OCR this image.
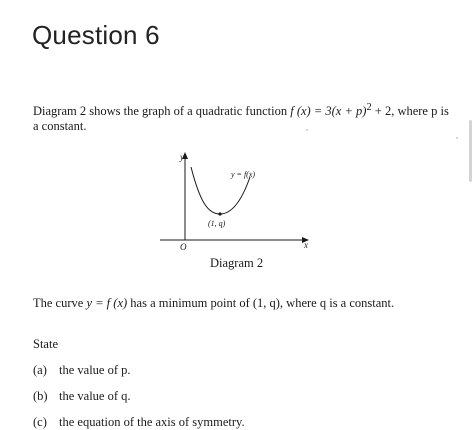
Question 6
Diagram 2 shows the graph of a quadratic function f $(x) = 3(x + p)^2 + 2$, where p is a constant.
y
x
O
y = f(x)
(1, q)
Diagram 2
The curve y = f (x) has a minimum point of (1, q), where q is a constant.
State
(a) the value of p.
(b) the value of q.
(c) the equation of the axis of symmetry.
